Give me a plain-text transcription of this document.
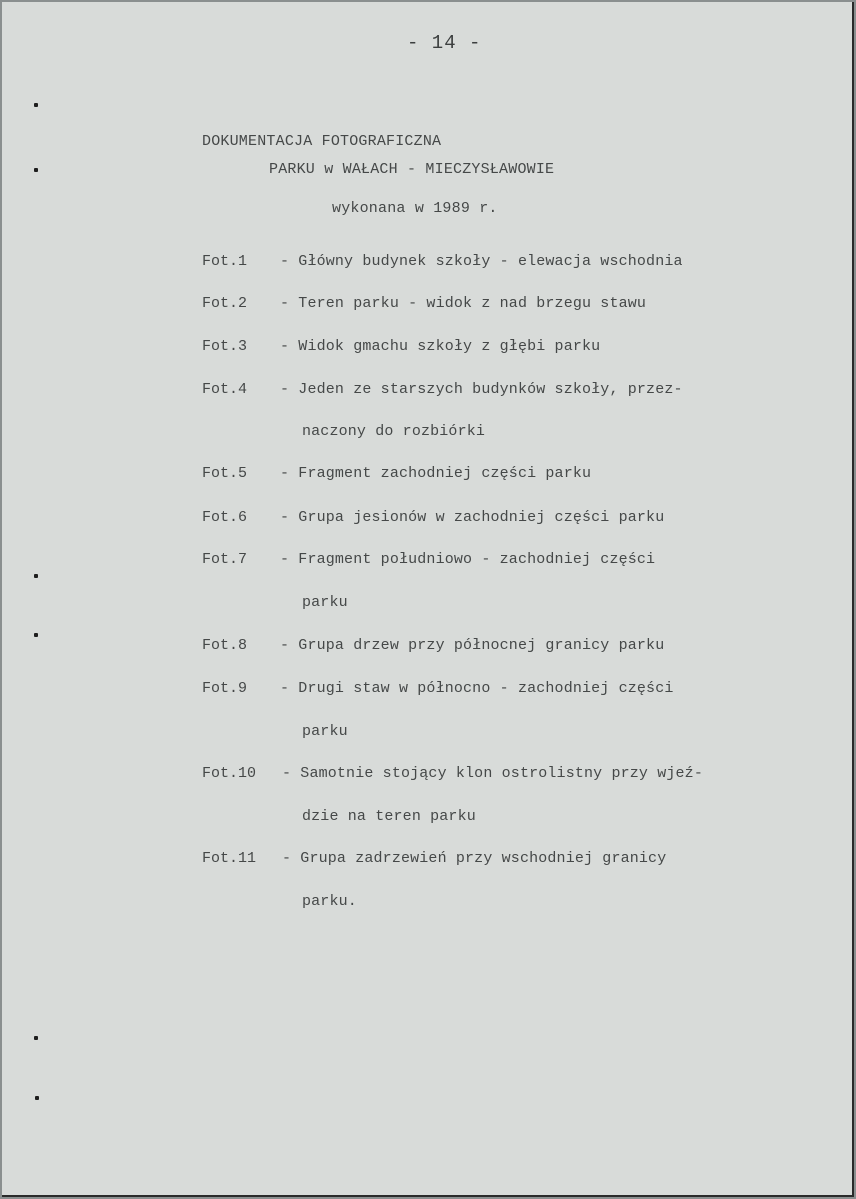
- 14 -
DOKUMENTACJA FOTOGRAFICZNA
PARKU w WAŁACH - MIECZYSŁAWOWIE
wykonana w 1989 r.
Fot.1 - Główny budynek szkoły - elewacja wschodnia
Fot.2 - Teren parku - widok z nad brzegu stawu
Fot.3 - Widok gmachu szkoły z głębi parku
Fot.4 - Jeden ze starszych budynków szkoły, przez-
naczony do rozbiórki
Fot.5 - Fragment zachodniej części parku
Fot.6 - Grupa jesionów w zachodniej części parku
Fot.7 - Fragment południowo - zachodniej części
parku
Fot.8 - Grupa drzew przy północnej granicy parku
Fot.9 - Drugi staw w północno - zachodniej części
parku
Fot.10 - Samotnie stojący klon ostrolistny przy wjeź-
dzie na teren parku
Fot.11 - Grupa zadrzewień przy wschodniej granicy
parku.
